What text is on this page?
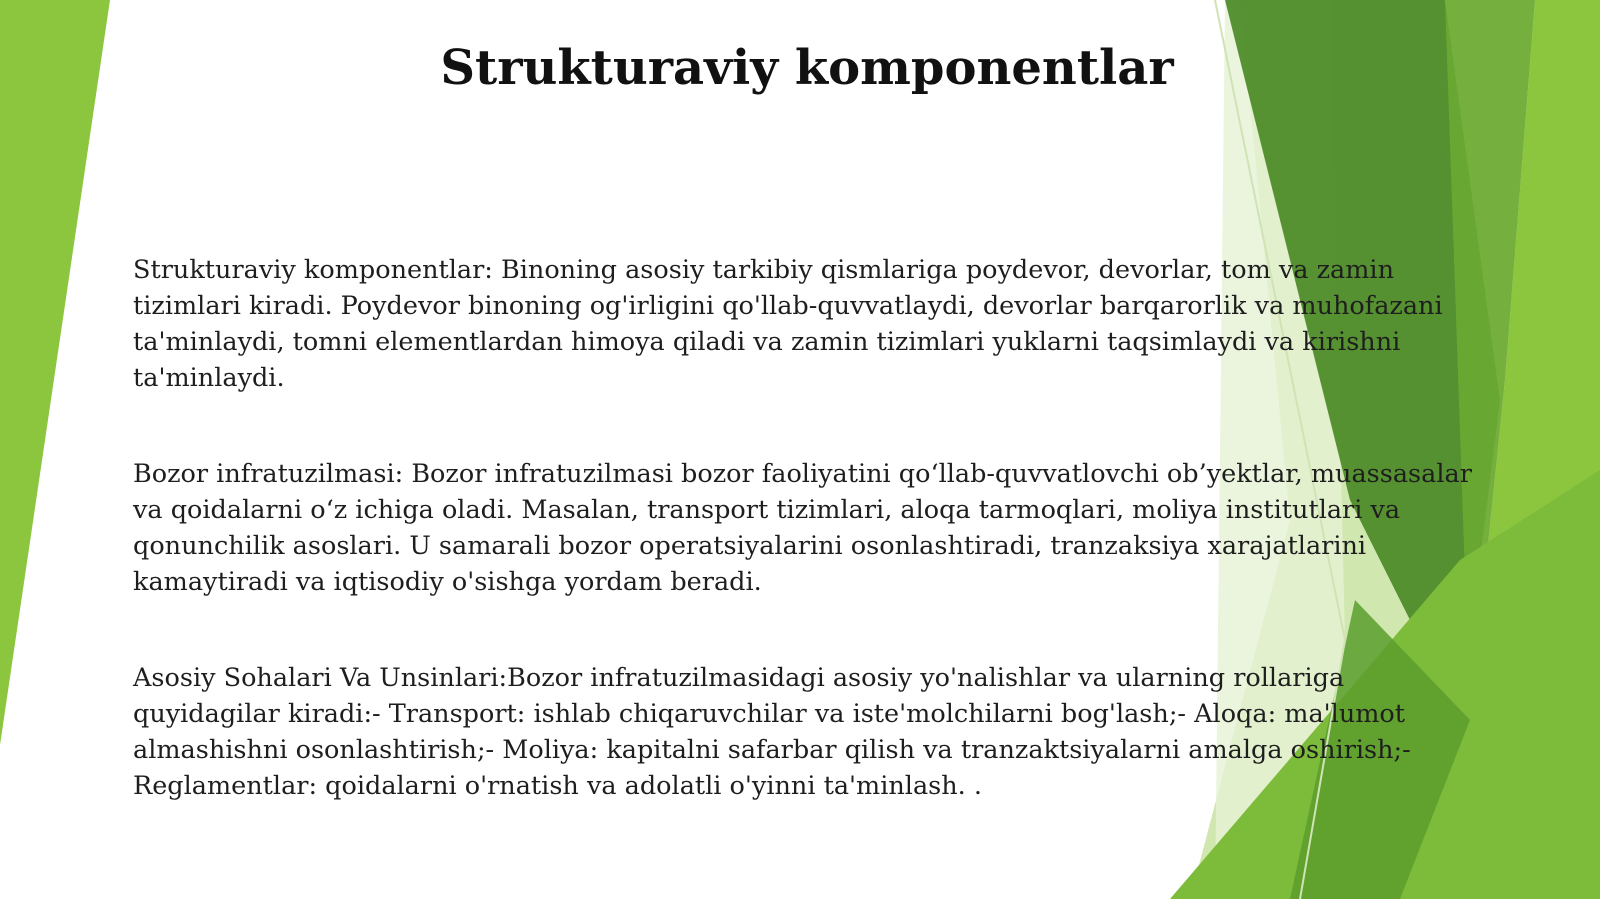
Strukturaviy komponentlar

Strukturaviy komponentlar: Binoning asosiy tarkibiy qismlariga poydevor, devorlar, tom va zamin tizimlari kiradi. Poydevor binoning og'irligini qo'llab-quvvatlaydi, devorlar barqarorlik va muhofazani ta'minlaydi, tomni elementlardan himoya qiladi va zamin tizimlari yuklarni taqsimlaydi va kirishni ta'minlaydi.

Bozor infratuzilmasi: Bozor infratuzilmasi bozor faoliyatini qo‘llab-quvvatlovchi ob’yektlar, muassasalar va qoidalarni o‘z ichiga oladi. Masalan, transport tizimlari, aloqa tarmoqlari, moliya institutlari va qonunchilik asoslari. U samarali bozor operatsiyalarini osonlashtiradi, tranzaksiya xarajatlarini kamaytiradi va iqtisodiy o'sishga yordam beradi.

Asosiy Sohalari Va Unsinlari:Bozor infratuzilmasidagi asosiy yo'nalishlar va ularning rollariga quyidagilar kiradi:- Transport: ishlab chiqaruvchilar va iste'molchilarni bog'lash;- Aloqa: ma'lumot almashishni osonlashtirish;- Moliya: kapitalni safarbar qilish va tranzaktsiyalarni amalga oshirish;- Reglamentlar: qoidalarni o'rnatish va adolatli o'yinni ta'minlash. .
